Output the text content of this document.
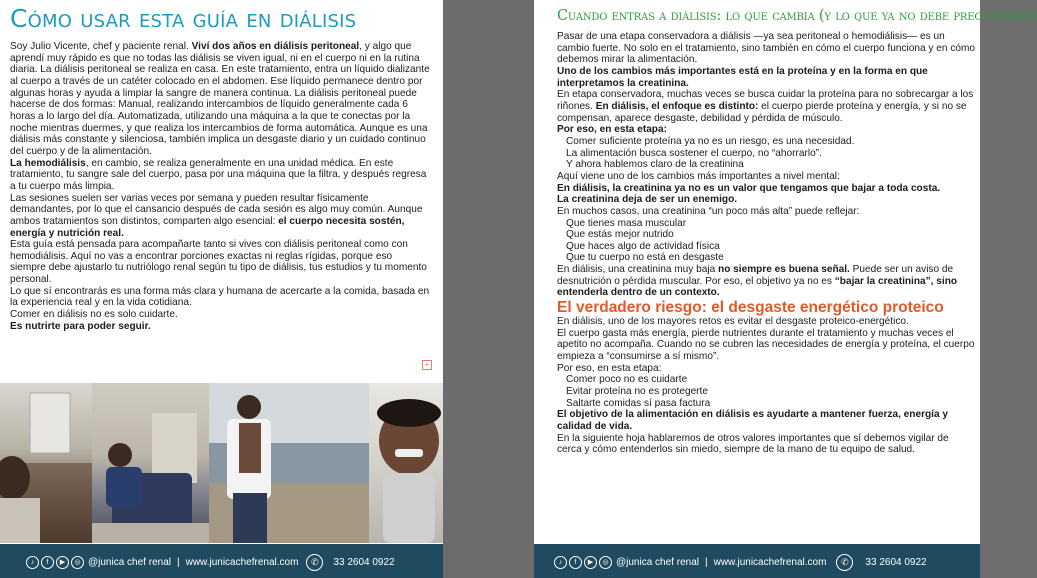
Cómo usar esta guía en diálisis

Soy Julio Vicente, chef y paciente renal. Viví dos años en diálisis peritoneal, y algo que aprendí muy rápido es que no todas las diálisis se viven igual, ni en el cuerpo ni en la rutina diaria. La diálisis peritoneal se realiza en casa. En este tratamiento, entra un líquido dializante al cuerpo a través de un catéter colocado en el abdomen. Ese líquido permanece dentro por algunas horas y ayuda a limpiar la sangre de manera continua. La diálisis peritoneal puede hacerse de dos formas: Manual, realizando intercambios de líquido generalmente cada 6 horas a lo largo del día. Automatizada, utilizando una máquina a la que te conectas por la noche mientras duermes, y que realiza los intercambios de forma automática. Aunque es una diálisis más constante y silenciosa, también implica un desgaste diario y un cuidado continuo del cuerpo y de la alimentación.

La hemodiálisis, en cambio, se realiza generalmente en una unidad médica. En este tratamiento, tu sangre sale del cuerpo, pasa por una máquina que la filtra, y después regresa a tu cuerpo más limpia.

Las sesiones suelen ser varias veces por semana y pueden resultar físicamente demandantes, por lo que el cansancio después de cada sesión es algo muy común. Aunque ambos tratamientos son distintos, comparten algo esencial: el cuerpo necesita sostén, energía y nutrición real.

Esta guía está pensada para acompañarte tanto si vives con diálisis peritoneal como con hemodiálisis. Aquí no vas a encontrar porciones exactas ni reglas rígidas, porque eso siempre debe ajustarlo tu nutriólogo renal según tu tipo de diálisis, tus estudios y tu momento personal.

Lo que sí encontrarás es una forma más clara y humana de acercarte a la comida, basada en la experiencia real y en la vida cotidiana.

Comer en diálisis no es solo cuidarte.

Es nutrirte para poder seguir.

+
♪	f	▶	◎ @junica chef renal | www.junicachefrenal.com	✆	33 2604 0922
Cuando entras a diálisis: lo que cambia (y lo que ya no debe preocuparte)

Pasar de una etapa conservadora a diálisis —ya sea peritoneal o hemodiálisis— es un cambio fuerte. No solo en el tratamiento, sino también en cómo el cuerpo funciona y en cómo debemos mirar la alimentación.

Uno de los cambios más importantes está en la proteína y en la forma en que interpretamos la creatinina.

En etapa conservadora, muchas veces se busca cuidar la proteína para no sobrecargar a los riñones. En diálisis, el enfoque es distinto: el cuerpo pierde proteína y energía, y si no se compensan, aparece desgaste, debilidad y pérdida de músculo.

Por eso, en esta etapa:

Comer suficiente proteína ya no es un riesgo, es una necesidad.

La alimentación busca sostener el cuerpo, no “ahorrarlo”.

Y ahora hablemos claro de la creatinina

Aquí viene uno de los cambios más importantes a nivel mental:

En diálisis, la creatinina ya no es un valor que tengamos que bajar a toda costa.

La creatinina deja de ser un enemigo.

En muchos casos, una creatinina “un poco más alta” puede reflejar:

Que tienes masa muscular

Que estás mejor nutrido

Que haces algo de actividad física

Que tu cuerpo no está en desgaste

En diálisis, una creatinina muy baja no siempre es buena señal. Puede ser un aviso de desnutrición o pérdida muscular. Por eso, el objetivo ya no es “bajar la creatinina”, sino entenderla dentro de un contexto.

El verdadero riesgo: el desgaste energético proteico

En diálisis, uno de los mayores retos es evitar el desgaste proteico-energético.

El cuerpo gasta más energía, pierde nutrientes durante el tratamiento y muchas veces el apetito no acompaña. Cuando no se cubren las necesidades de energía y proteína, el cuerpo empieza a “consumirse a sí mismo”.

Por eso, en esta etapa:

Comer poco no es cuidarte

Evitar proteína no es protegerte

Saltarte comidas sí pasa factura

El objetivo de la alimentación en diálisis es ayudarte a mantener fuerza, energía y calidad de vida.

En la siguiente hoja hablaremos de otros valores importantes que sí debemos vigilar de cerca y cómo entenderlos sin miedo, siempre de la mano de tu equipo de salud.

♪	f	▶	◎ @junica chef renal | www.junicachefrenal.com	✆	33 2604 0922
